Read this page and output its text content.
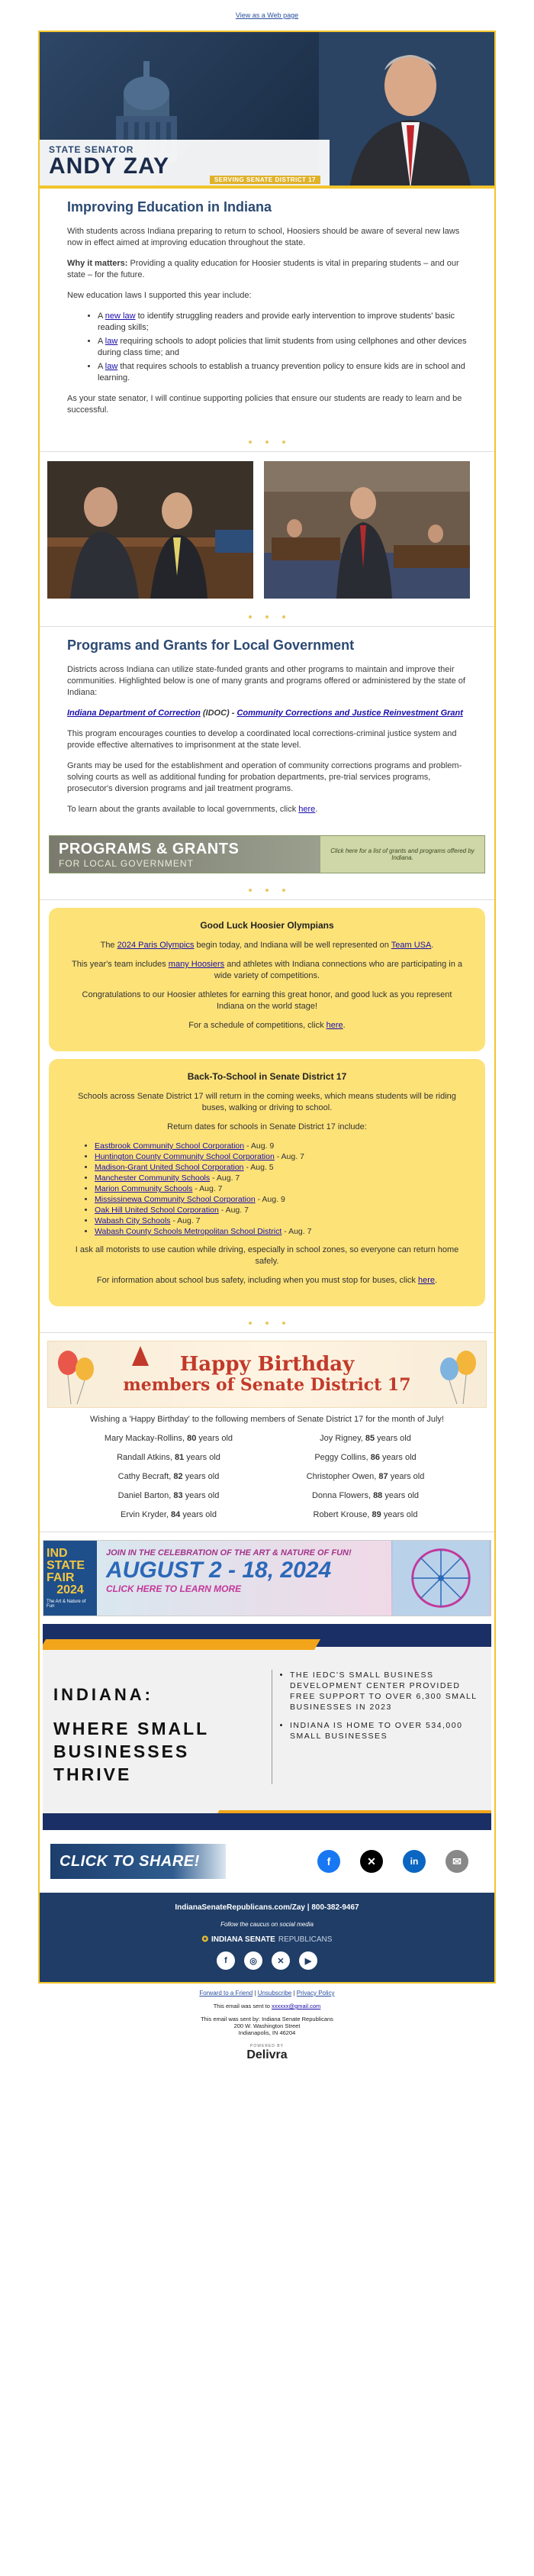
View as a Web page
STATE SENATOR
ANDY ZAY
SERVING SENATE DISTRICT 17
Improving Education in Indiana

With students across Indiana preparing to return to school, Hoosiers should be aware of several new laws now in effect aimed at improving education throughout the state.

Why it matters: Providing a quality education for Hoosier students is vital in preparing students – and our state – for the future.

New education laws I supported this year include:

• A new law to identify struggling readers and provide early intervention to improve students' basic reading skills;
• A law requiring schools to adopt policies that limit students from using cellphones and other devices during class time; and
• A law that requires schools to establish a truancy prevention policy to ensure kids are in school and learning.

As your state senator, I will continue supporting policies that ensure our students are ready to learn and be successful.

Programs and Grants for Local Government

Districts across Indiana can utilize state-funded grants and other programs to maintain and improve their communities. Highlighted below is one of many grants and programs offered or administered by the state of Indiana:

Indiana Department of Correction (IDOC) - Community Corrections and Justice Reinvestment Grant

This program encourages counties to develop a coordinated local corrections-criminal justice system and provide effective alternatives to imprisonment at the state level.

Grants may be used for the establishment and operation of community corrections programs and problem-solving courts as well as additional funding for probation departments, pre-trial services programs, prosecutor's diversion programs and jail treatment programs.

To learn about the grants available to local governments, click here.

PROGRAMS & GRANTS
FOR LOCAL GOVERNMENT
Click here for a list of grants and programs offered by Indiana.
Good Luck Hoosier Olympians

The 2024 Paris Olympics begin today, and Indiana will be well represented on Team USA.

This year's team includes many Hoosiers and athletes with Indiana connections who are participating in a wide variety of competitions.

Congratulations to our Hoosier athletes for earning this great honor, and good luck as you represent Indiana on the world stage!

For a schedule of competitions, click here.

Back-To-School in Senate District 17

Schools across Senate District 17 will return in the coming weeks, which means students will be riding buses, walking or driving to school.

Return dates for schools in Senate District 17 include:

• Eastbrook Community School Corporation - Aug. 9
• Huntington County Community School Corporation - Aug. 7
• Madison-Grant United School Corporation - Aug. 5
• Manchester Community Schools - Aug. 7
• Marion Community Schools - Aug. 7
• Mississinewa Community School Corporation - Aug. 9
• Oak Hill United School Corporation - Aug. 7
• Wabash City Schools - Aug. 7
• Wabash County Schools Metropolitan School District - Aug. 7

I ask all motorists to use caution while driving, especially in school zones, so everyone can return home safely.

For information about school bus safety, including when you must stop for buses, click here.

Happy Birthday
members of Senate District 17
Wishing a 'Happy Birthday' to the following members of Senate District 17 for the month of July!
Mary Mackay-Rollins, 80 years old	Joy Rigney, 85 years old
Randall Atkins, 81 years old	Peggy Collins, 86 years old
Cathy Becraft, 82 years old	Christopher Owen, 87 years old
Daniel Barton, 83 years old	Donna Flowers, 88 years old
Ervin Kryder, 84 years old	Robert Krouse, 89 years old
IND STATE FAIR
2024
The Art & Nature of Fun
JOIN IN THE CELEBRATION OF THE ART & NATURE OF FUN!
AUGUST 2 - 18, 2024
CLICK HERE TO LEARN MORE
INDIANA:
WHERE SMALL BUSINESSES THRIVE
• THE IEDC'S SMALL BUSINESS DEVELOPMENT CENTER PROVIDED FREE SUPPORT TO OVER 6,300 SMALL BUSINESSES IN 2023
• INDIANA IS HOME TO OVER 534,000 SMALL BUSINESSES
CLICK TO SHARE!	f	✕	in	✉
IndianaSenateRepublicans.com/Zay | 800-382-9467
Follow the caucus on social media
✪ INDIANA SENATE REPUBLICANS
f	◎	✕	▶
Forward to a Friend | Unsubscribe | Privacy Policy
This email was sent to xxxxxx@gmail.com
This email was sent by: Indiana Senate Republicans
200 W. Washington Street
Indianapolis, IN 46204
POWERED BY
Delivra
